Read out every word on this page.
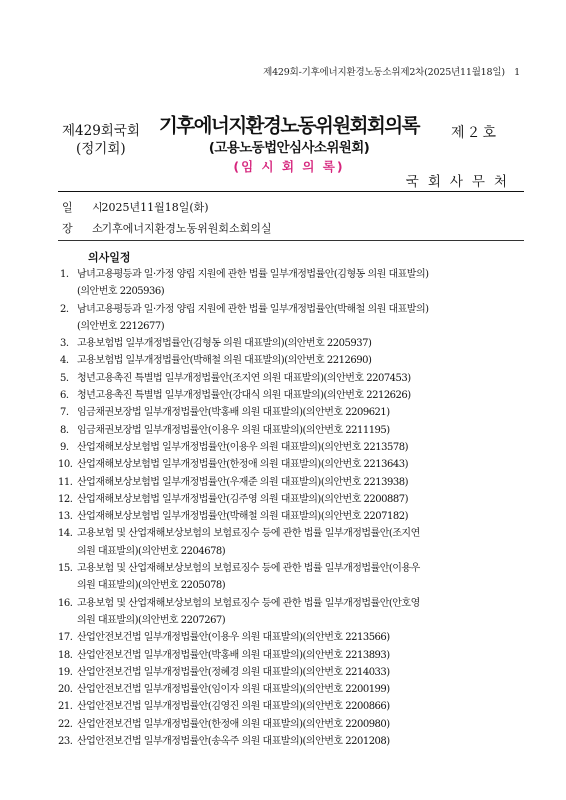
제429회-기후에너지환경노동소위제2차(2025년11월18일)　1
제429회국회
(정기회)
기후에너지환경노동위원회회의록
(고용노동법안심사소위원회)
(임 시 회 의 록)
제２호
국회사무처
일 시 2025년11월18일(화)
장 소 기후에너지환경노동위원회소회의실
의사일정
1. 남녀고용평등과 일·가정 양립 지원에 관한 법률 일부개정법률안(김형동 의원 대표발의)
(의안번호 2205936)
2. 남녀고용평등과 일·가정 양립 지원에 관한 법률 일부개정법률안(박해철 의원 대표발의)
(의안번호 2212677)
3. 고용보험법 일부개정법률안(김형동 의원 대표발의)(의안번호 2205937)
4. 고용보험법 일부개정법률안(박해철 의원 대표발의)(의안번호 2212690)
5. 청년고용촉진 특별법 일부개정법률안(조지연 의원 대표발의)(의안번호 2207453)
6. 청년고용촉진 특별법 일부개정법률안(강대식 의원 대표발의)(의안번호 2212626)
7. 임금채권보장법 일부개정법률안(박홍배 의원 대표발의)(의안번호 2209621)
8. 임금채권보장법 일부개정법률안(이용우 의원 대표발의)(의안번호 2211195)
9. 산업재해보상보험법 일부개정법률안(이용우 의원 대표발의)(의안번호 2213578)
10. 산업재해보상보험법 일부개정법률안(한정애 의원 대표발의)(의안번호 2213643)
11. 산업재해보상보험법 일부개정법률안(우재준 의원 대표발의)(의안번호 2213938)
12. 산업재해보상보험법 일부개정법률안(김주영 의원 대표발의)(의안번호 2200887)
13. 산업재해보상보험법 일부개정법률안(박해철 의원 대표발의)(의안번호 2207182)
14. 고용보험 및 산업재해보상보험의 보험료징수 등에 관한 법률 일부개정법률안(조지연
의원 대표발의)(의안번호 2204678)
15. 고용보험 및 산업재해보상보험의 보험료징수 등에 관한 법률 일부개정법률안(이용우
의원 대표발의)(의안번호 2205078)
16. 고용보험 및 산업재해보상보험의 보험료징수 등에 관한 법률 일부개정법률안(안호영
의원 대표발의)(의안번호 2207267)
17. 산업안전보건법 일부개정법률안(이용우 의원 대표발의)(의안번호 2213566)
18. 산업안전보건법 일부개정법률안(박홍배 의원 대표발의)(의안번호 2213893)
19. 산업안전보건법 일부개정법률안(정혜경 의원 대표발의)(의안번호 2214033)
20. 산업안전보건법 일부개정법률안(임이자 의원 대표발의)(의안번호 2200199)
21. 산업안전보건법 일부개정법률안(김영진 의원 대표발의)(의안번호 2200866)
22. 산업안전보건법 일부개정법률안(한정애 의원 대표발의)(의안번호 2200980)
23. 산업안전보건법 일부개정법률안(송옥주 의원 대표발의)(의안번호 2201208)
